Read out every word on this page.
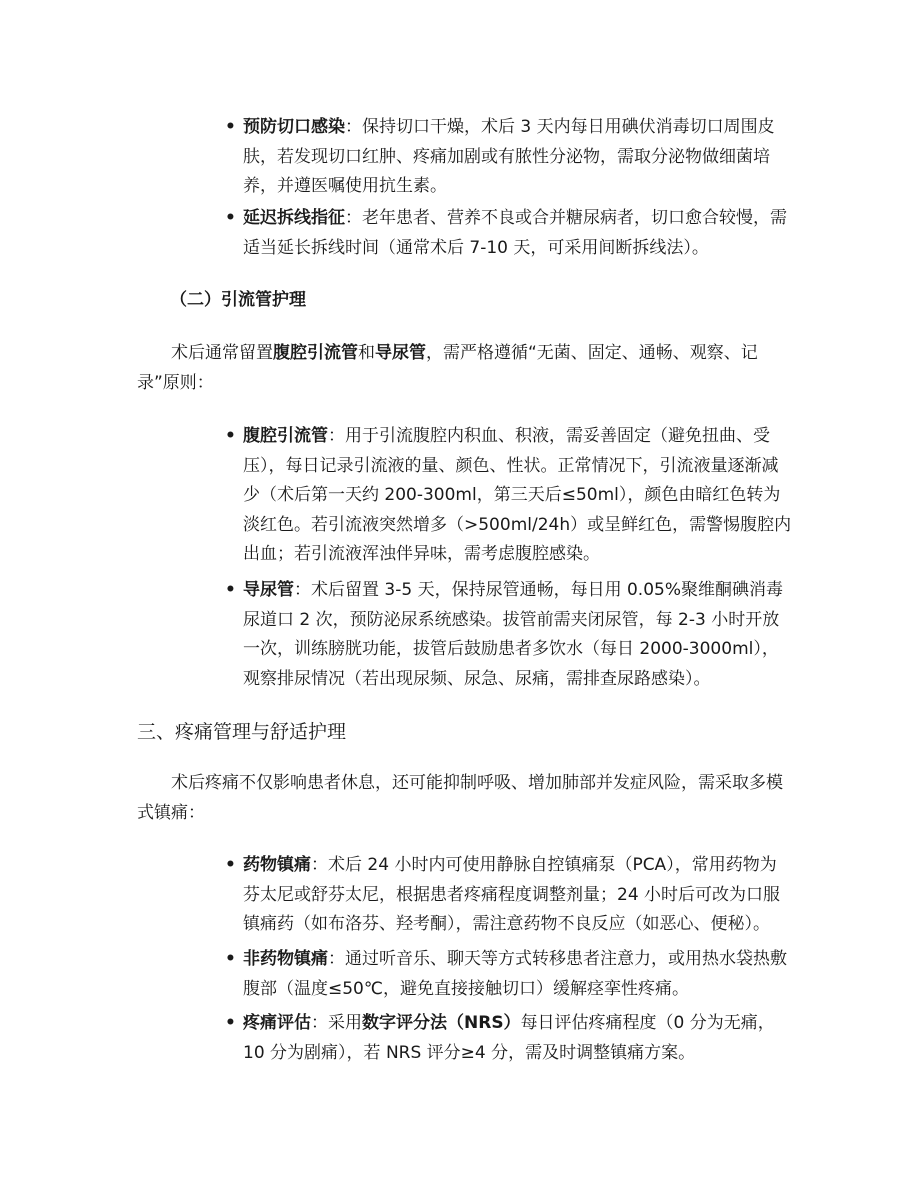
• 预防切口感染：保持切口干燥，术后 3 天内每日用碘伏消毒切口周围皮肤，若发现切口红肿、疼痛加剧或有脓性分泌物，需取分泌物做细菌培养，并遵医嘱使用抗生素。
• 延迟拆线指征：老年患者、营养不良或合并糖尿病者，切口愈合较慢，需适当延长拆线时间（通常术后 7-10 天，可采用间断拆线法）。
（二）引流管护理
术后通常留置腹腔引流管和导尿管，需严格遵循“无菌、固定、通畅、观察、记录”原则：
• 腹腔引流管：用于引流腹腔内积血、积液，需妥善固定（避免扭曲、受压），每日记录引流液的量、颜色、性状。正常情况下，引流液量逐渐减少（术后第一天约 200-300ml，第三天后≤50ml），颜色由暗红色转为淡红色。若引流液突然增多（>500ml/24h）或呈鲜红色，需警惕腹腔内出血；若引流液浑浊伴异味，需考虑腹腔感染。
• 导尿管：术后留置 3-5 天，保持尿管通畅，每日用 0.05%聚维酮碘消毒尿道口 2 次，预防泌尿系统感染。拔管前需夹闭尿管，每 2-3 小时开放一次，训练膀胱功能，拔管后鼓励患者多饮水（每日 2000-3000ml），观察排尿情况（若出现尿频、尿急、尿痛，需排查尿路感染）。
三、疼痛管理与舒适护理
术后疼痛不仅影响患者休息，还可能抑制呼吸、增加肺部并发症风险，需采取多模式镇痛：
• 药物镇痛：术后 24 小时内可使用静脉自控镇痛泵（PCA），常用药物为芬太尼或舒芬太尼，根据患者疼痛程度调整剂量；24 小时后可改为口服镇痛药（如布洛芬、羟考酮），需注意药物不良反应（如恶心、便秘）。
• 非药物镇痛：通过听音乐、聊天等方式转移患者注意力，或用热水袋热敷腹部（温度≤50℃，避免直接接触切口）缓解痉挛性疼痛。
• 疼痛评估：采用数字评分法（NRS）每日评估疼痛程度（0 分为无痛，10 分为剧痛），若 NRS 评分≥4 分，需及时调整镇痛方案。
